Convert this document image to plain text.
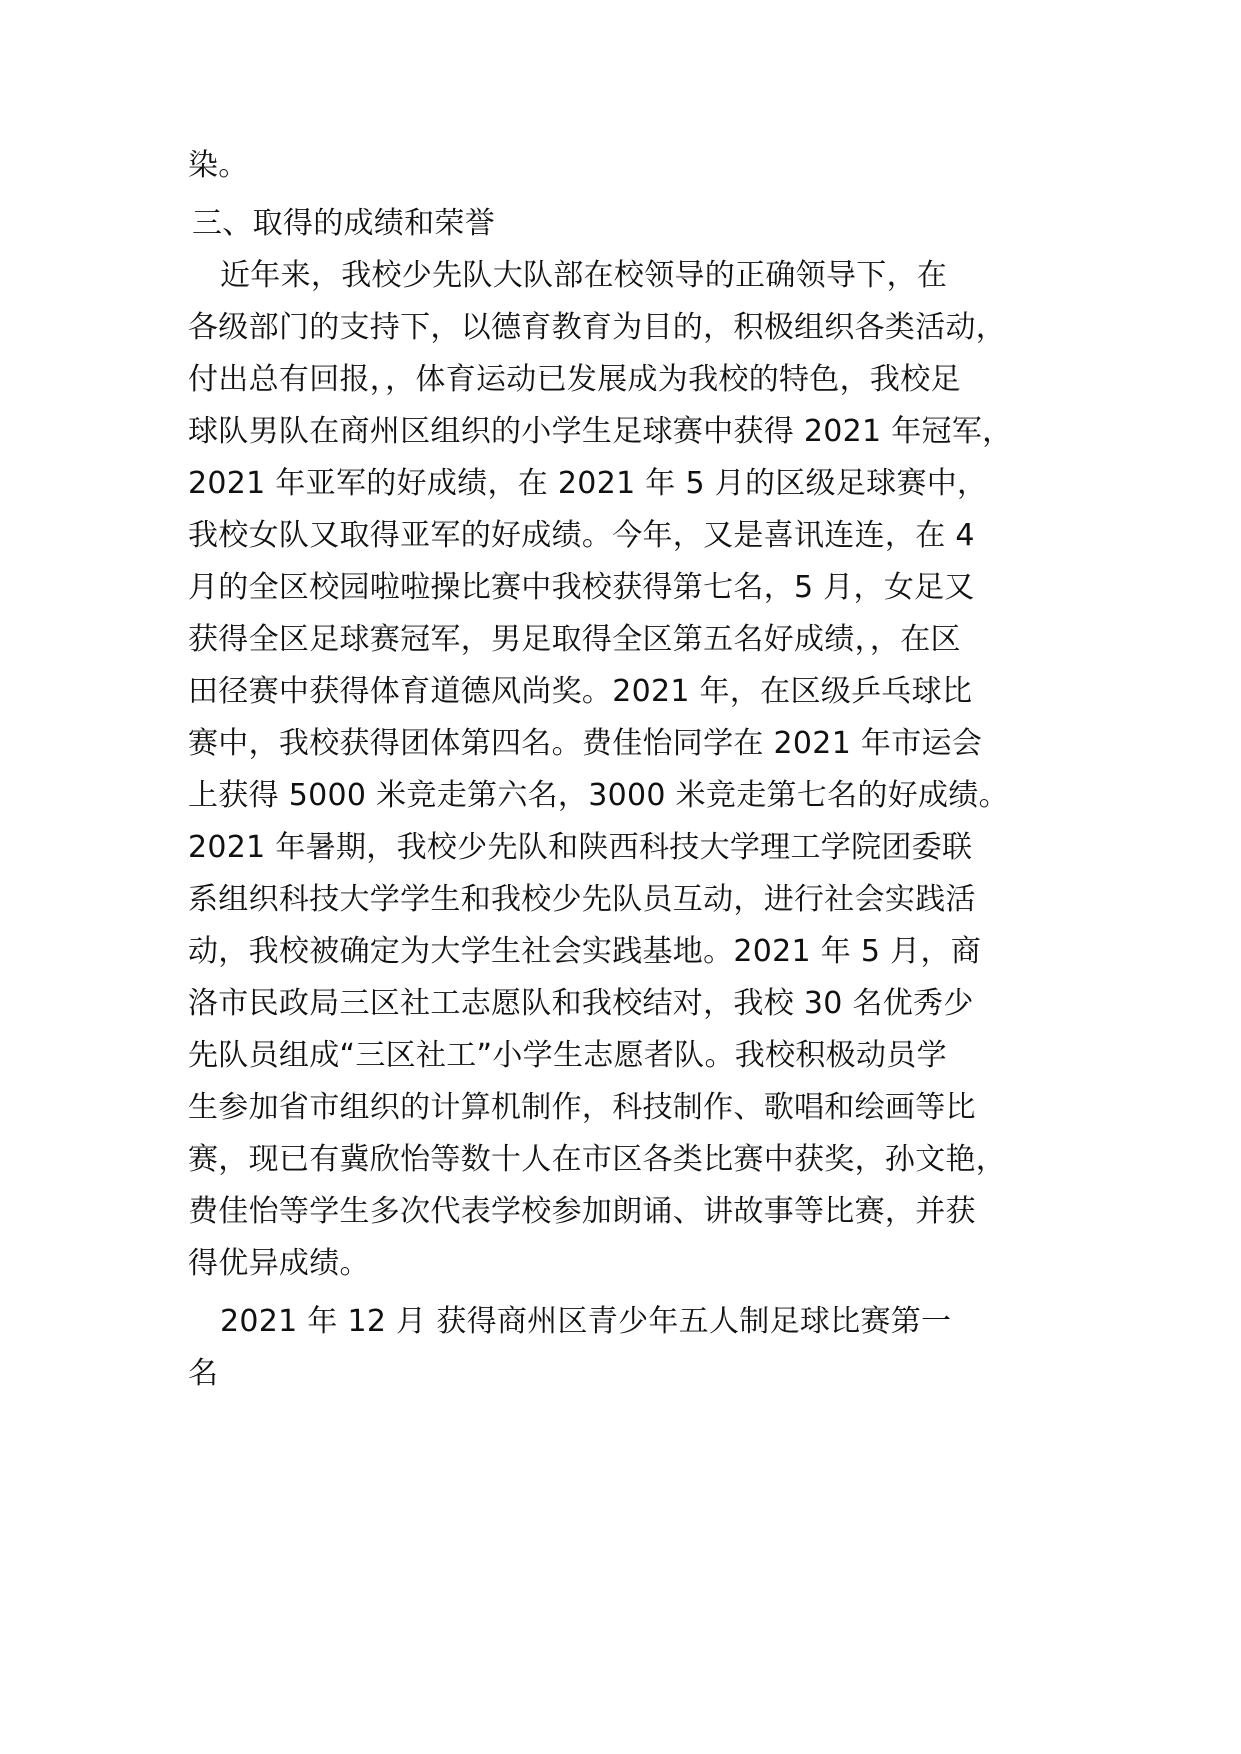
染。
三、取得的成绩和荣誉
近年来，我校少先队大队部在校领导的正确领导下，在
各级部门的支持下，以德育教育为目的，积极组织各类活动，
付出总有回报，，体育运动已发展成为我校的特色，我校足
球队男队在商州区组织的小学生足球赛中获得 2021 年冠军，
2021 年亚军的好成绩，在 2021 年 5 月的区级足球赛中，
我校女队又取得亚军的好成绩。今年，又是喜讯连连，在 4
月的全区校园啦啦操比赛中我校获得第七名，5 月，女足又
获得全区足球赛冠军，男足取得全区第五名好成绩，，在区
田径赛中获得体育道德风尚奖。2021 年，在区级乒乓球比
赛中，我校获得团体第四名。费佳怡同学在 2021 年市运会
上获得 5000 米竞走第六名，3000 米竞走第七名的好成绩。
2021 年暑期，我校少先队和陕西科技大学理工学院团委联
系组织科技大学学生和我校少先队员互动，进行社会实践活
动，我校被确定为大学生社会实践基地。2021 年 5 月，商
洛市民政局三区社工志愿队和我校结对，我校 30 名优秀少
先队员组成“三区社工”小学生志愿者队。我校积极动员学
生参加省市组织的计算机制作，科技制作、歌唱和绘画等比
赛，现已有冀欣怡等数十人在市区各类比赛中获奖，孙文艳，
费佳怡等学生多次代表学校参加朗诵、讲故事等比赛，并获
得优异成绩。
2021 年 12 月 获得商州区青少年五人制足球比赛第一
名
